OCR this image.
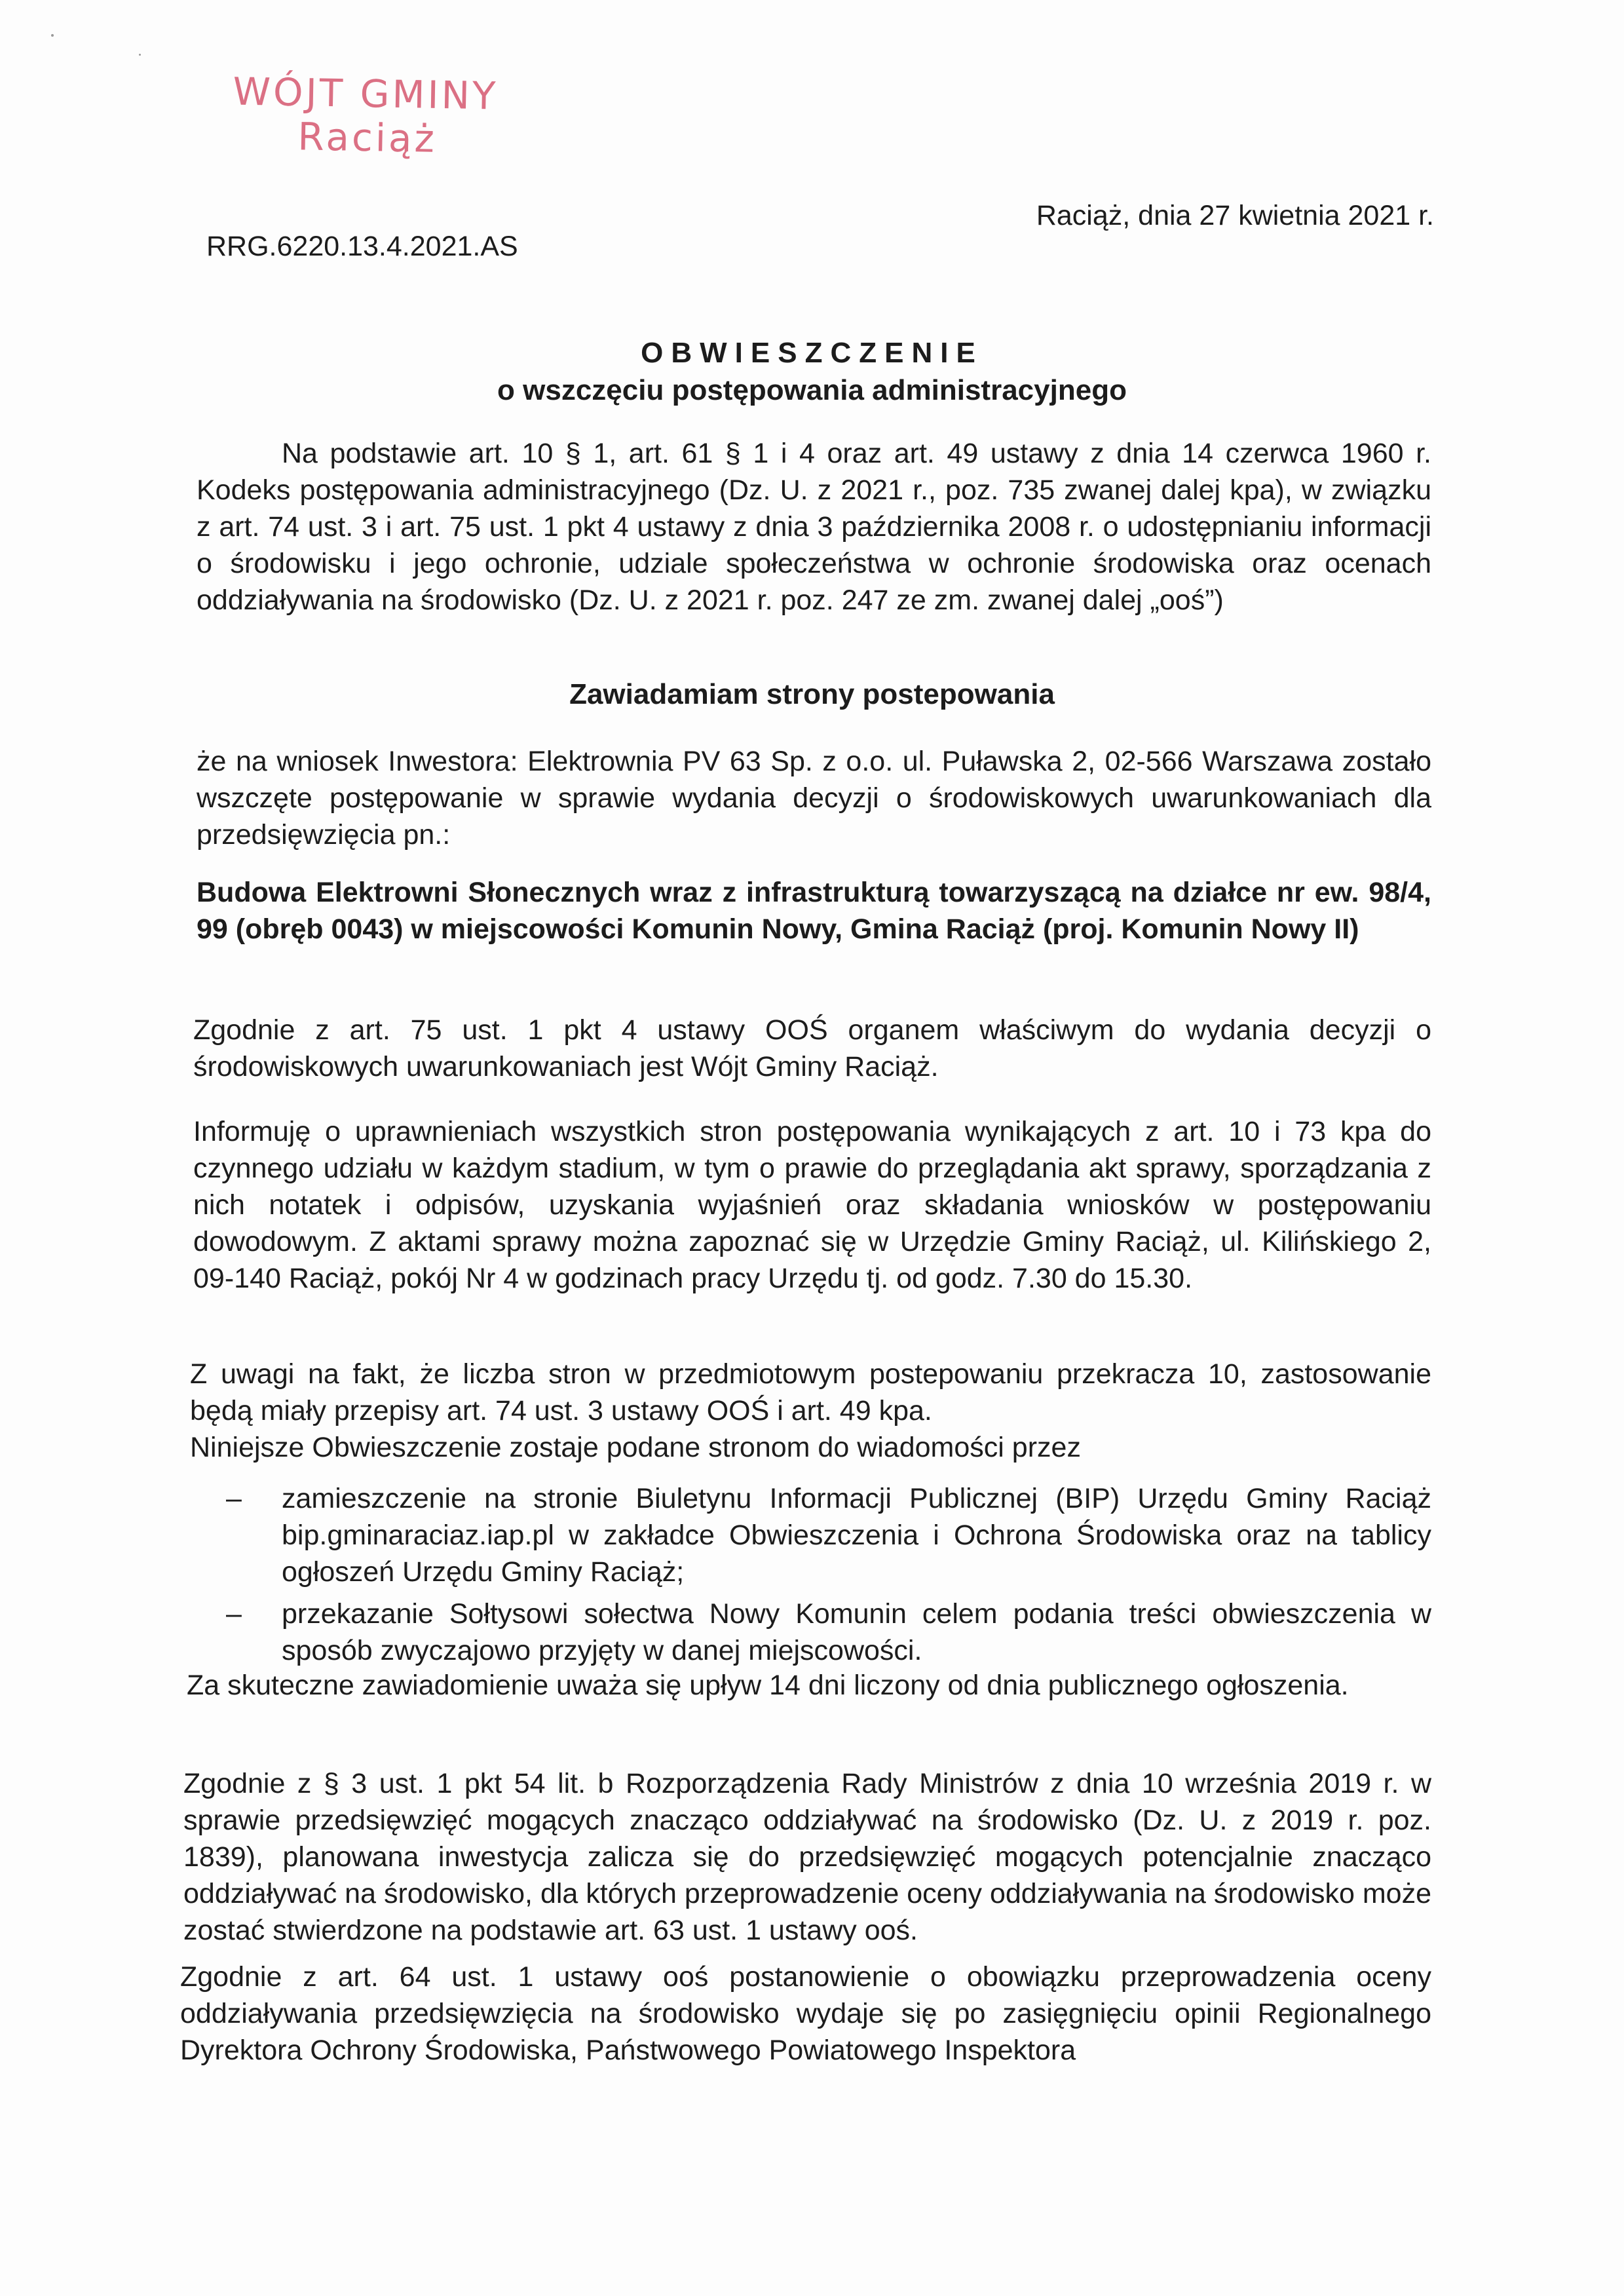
WÓJT GMINY
Raciąż
RRG.6220.13.4.2021.AS
Raciąż, dnia 27 kwietnia 2021 r.
OBWIESZCZENIE
o wszczęciu postępowania administracyjnego
Na podstawie art. 10 § 1, art. 61 § 1 i 4 oraz art. 49 ustawy z dnia 14 czerwca 1960 r. Kodeks postępowania administracyjnego (Dz. U. z 2021 r., poz. 735 zwanej dalej kpa), w związku z art. 74 ust. 3 i art. 75 ust. 1 pkt 4 ustawy z dnia 3 października 2008 r. o udostępnianiu informacji o środowisku i jego ochronie, udziale społeczeństwa w ochronie środowiska oraz ocenach oddziaływania na środowisko (Dz. U. z 2021 r. poz. 247 ze zm. zwanej dalej „ooś”)
Zawiadamiam strony postepowania
że na wniosek Inwestora: Elektrownia PV 63 Sp. z o.o. ul. Puławska 2, 02-566 Warszawa zostało wszczęte postępowanie w sprawie wydania decyzji o środowiskowych uwarunkowaniach dla przedsięwzięcia pn.:
Budowa Elektrowni Słonecznych wraz z infrastrukturą towarzyszącą na działce nr ew. 98/4, 99 (obręb 0043) w miejscowości Komunin Nowy, Gmina Raciąż (proj. Komunin Nowy II)
Zgodnie z art. 75 ust. 1 pkt 4 ustawy OOŚ organem właściwym do wydania decyzji o środowiskowych uwarunkowaniach jest Wójt Gminy Raciąż.
Informuję o uprawnieniach wszystkich stron postępowania wynikających z art. 10 i 73 kpa do czynnego udziału w każdym stadium, w tym o prawie do przeglądania akt sprawy, sporządzania z nich notatek i odpisów, uzyskania wyjaśnień oraz składania wniosków w postępowaniu dowodowym. Z aktami sprawy można zapoznać się w Urzędzie Gminy Raciąż, ul. Kilińskiego 2, 09-140 Raciąż, pokój Nr 4 w godzinach pracy Urzędu tj. od godz. 7.30 do 15.30.

Z uwagi na fakt, że liczba stron w przedmiotowym postepowaniu przekracza 10, zastosowanie będą miały przepisy art. 74 ust. 3 ustawy OOŚ i art. 49 kpa.

Niniejsze Obwieszczenie zostaje podane stronom do wiadomości przez

– zamieszczenie na stronie Biuletynu Informacji Publicznej (BIP) Urzędu Gminy Raciąż bip.gminaraciaz.iap.pl w zakładce Obwieszczenia i Ochrona Środowiska oraz na tablicy ogłoszeń Urzędu Gminy Raciąż;
– przekazanie Sołtysowi sołectwa Nowy Komunin celem podania treści obwieszczenia w sposób zwyczajowo przyjęty w danej miejscowości.
Za skuteczne zawiadomienie uważa się upływ 14 dni liczony od dnia publicznego ogłoszenia.
Zgodnie z § 3 ust. 1 pkt 54 lit. b Rozporządzenia Rady Ministrów z dnia 10 września 2019 r. w sprawie przedsięwzięć mogących znacząco oddziaływać na środowisko (Dz. U. z 2019 r. poz. 1839), planowana inwestycja zalicza się do przedsięwzięć mogących potencjalnie znacząco oddziaływać na środowisko, dla których przeprowadzenie oceny oddziaływania na środowisko może zostać stwierdzone na podstawie art. 63 ust. 1 ustawy ooś.
Zgodnie z art. 64 ust. 1 ustawy ooś postanowienie o obowiązku przeprowadzenia oceny oddziaływania przedsięwzięcia na środowisko wydaje się po zasięgnięciu opinii Regionalnego Dyrektora Ochrony Środowiska, Państwowego Powiatowego Inspektora
